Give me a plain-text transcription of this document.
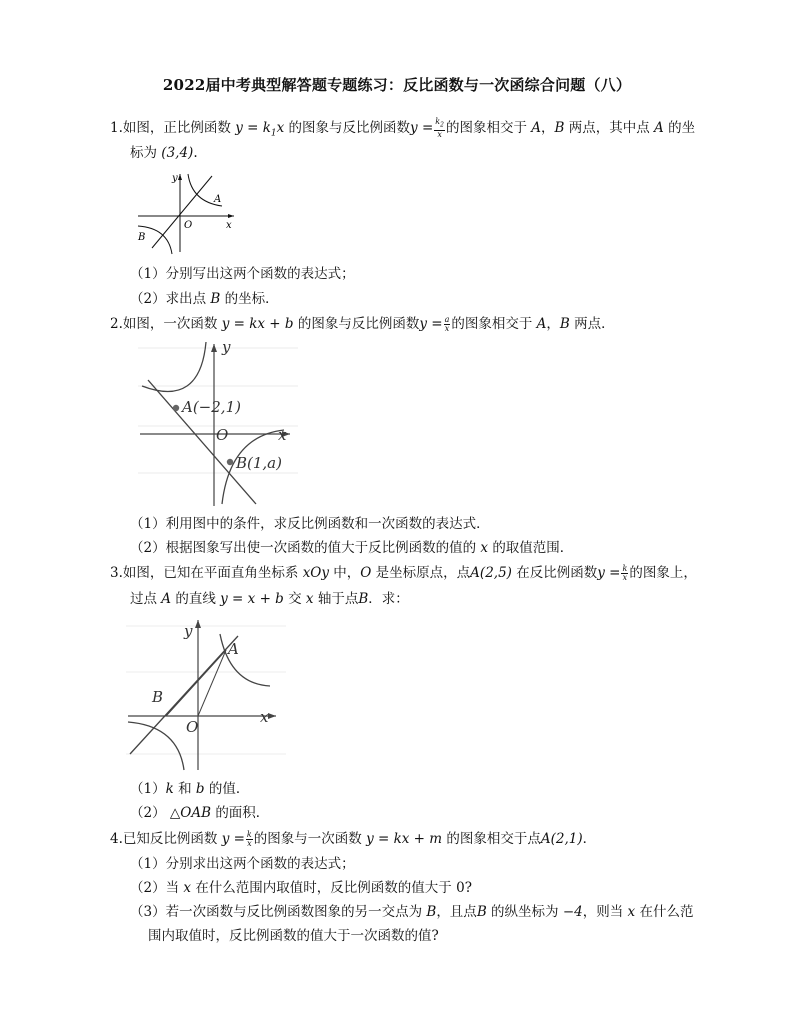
2022届中考典型解答题专题练习：反比函数与一次函综合问题（八）
1.如图，正比例函数 $y = k_1x$ 的图象与反比例函数$y = \frac{k_2}{x}$ 的图象相交于 A，B 两点，其中点 A 的坐
标为 (3,4).
y
A
O	x
B
（1）分别写出这两个函数的表达式；
（2）求出点 B 的坐标．
2.如图，一次函数 y = kx + b 的图象与反比例函数$y = \frac{a}{x}$ 的图象相交于 A，B 两点．
y
A(−2,1)
O	x
B(1,a)
（1）利用图中的条件，求反比例函数和一次函数的表达式．
（2）根据图象写出使一次函数的值大于反比例函数的值的 x 的取值范围．
3.如图，已知在平面直角坐标系 xOy 中，O 是坐标原点，点A(2,5) 在反比例函数$y = \frac{k}{x}$ 的图象上，
过点 A 的直线 y = x + b 交 x 轴于点B．求：
y
A
B
O
x
（1）k 和 b 的值．
（2） △OAB 的面积．
4.已知反比例函数 $y = \frac{k}{x}$ 的图象与一次函数 y = kx + m 的图象相交于点A(2,1)．
（1）分别求出这两个函数的表达式；
（2）当 x 在什么范围内取值时，反比例函数的值大于 0?
（3）若一次函数与反比例函数图象的另一交点为 B，且点B 的纵坐标为 −4，则当 x 在什么范
围内取值时，反比例函数的值大于一次函数的值?
